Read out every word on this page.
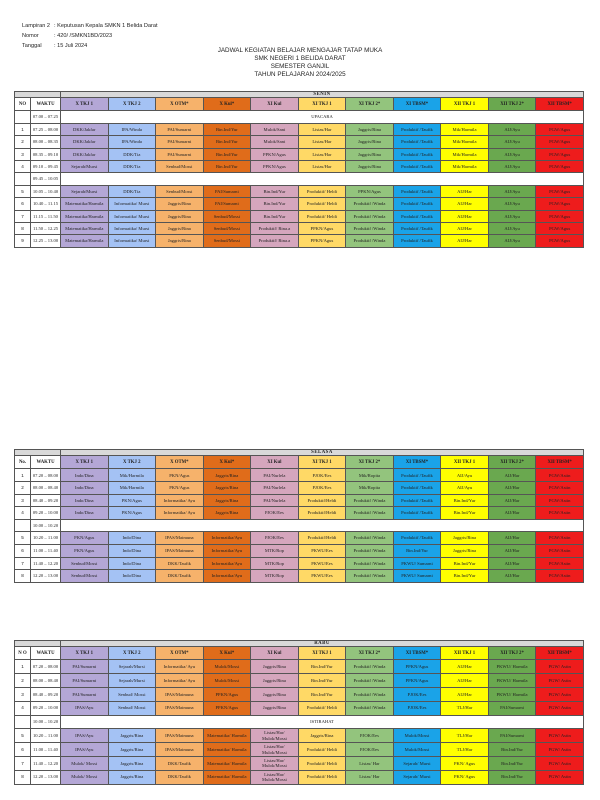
Lampiran 2	: Keputusan Kepala SMKN 1 Belida Darat
Nomor	: 420/ /SMKN1BD/2023
Tanggal	: 15 Juli 2024
JADWAL KEGIATAN BELAJAR MENGAJAR TATAP MUKA
SMK NEGERI 1 BELIDA DARAT
SEMESTER GANJIL
TAHUN PELAJARAN 2024/2025
		SENIN										
NO	WAKTU	X TKJ 1	X TKJ 2	X OTM*	X Kul*	XI Kul	XI TKJ 1	XI TKJ 2*	XI TBSM*	XII TKJ 1	XII TKJ 2*	XII TBSM*
	07.00 – 07.25	UPACARA										
1	07.25 – 08.00	DKK/Jakfar	IPA/Winda	PAI/Sumarni	Bin.Ind/Yur	Mulok/Sani	Listas/Har	Jaggris/Rina	Produktif /Taufik	Mtk/Harmila	AIJ/Ayu	PGW/Agus
2	08.00 – 08.35	DKK/Jakfar	IPA/Winda	PAI/Sumarni	Bin.Ind/Yur	Mulok/Sani	Listas/Har	Jaggris/Rina	Produktif /Taufik	Mtk/Harmila	AIJ/Ayu	PGW/Agus
3	08.35 – 09.10	DKK/Jakfar	DDK/Tia	PAI/Sumarni	Bin.Ind/Yur	PPKN/Agus	Listas/Har	Jaggris/Rina	Produktif /Taufik	Mtk/Harmila	AIJ/Ayu	PGW/Agus
4	09.10 – 09.45	Sejarah/Mursi	DDK/Tia	Senbud/Mossi	Bin.Ind/Yur	PPKN/Agus	Listas/Har	Jaggris/Rina	Produktif /Taufik	Mtk/Harmila	AIJ/Ayu	PGW/Agus
	09.45 – 10.05											
5	10.05 – 10.40	Sejarah/Mursi	DDK/Tia	Senbud/Mossi	PAI/Sumarni	Bin.Ind/Yur	Produktif/ Heldi	PPKN/Agus	Produktif /Taufik	AIJ/Har	AIJ/Ayu	PGW/Agus
6	10.40 – 11.15	Matematika/Harmila	Informatika/ Mursi	Jaggris/Rina	PAI/Sumarni	Bin.Ind/Yur	Produktif/ Heldi	Produktif /Winda	Produktif /Taufik	AIJ/Har	AIJ/Ayu	PGW/Agus
7	11.15 – 11.50	Matematika/Harmila	Informatika/ Mursi	Jaggris/Rina	Senbud/Mossi	Bin.Ind/Yur	Produktif/ Heldi	Produktif /Winda	Produktif /Taufik	AIJ/Har	AIJ/Ayu	PGW/Agus
8	11.50 – 12.25	Matematika/Harmila	Informatika/ Mursi	Jaggris/Rina	Senbud/Mossi	Produktif/ Rina.a	PPKN/Agus	Produktif /Winda	Produktif /Taufik	AIJ/Har	AIJ/Ayu	PGW/Agus
9	12.25 – 13.00	Matematika/Harmila	Informatika/ Mursi	Jaggris/Rina	Senbud/Mossi	Produktif/ Rina.a	PPKN/Agus	Produktif /Winda	Produktif /Taufik	AIJ/Har	AIJ/Ayu	PGW/Agus
		SELASA										
No.	WAKTU	X TKJ 1	X TKJ 2	X OTM*	X Kul*	XI Kul	XI TKJ 1	XI TKJ 2*	XI TBSM*	XII TKJ 1	XII TKJ 2*	XII TBSM*
1	07.20 – 08.00	Indo/Dina	Mtk/Harmila	PKN/Agus	Jaggris/Rina	PAI/Nurlela	PJOK/Ees	Mtk/Ropita	Produktif /Taufik	AIJ/Ayu	AIJ/Har	PGW/Astin
2	08.00 – 08.40	Indo/Dina	Mtk/Harmila	PKN/Agus	Jaggris/Rina	PAI/Nurlela	PJOK/Ees	Mtk/Ropita	Produktif /Taufik	AIJ/Ayu	AIJ/Har	PGW/Astin
3	08.40 – 09.20	Indo/Dina	PKN/Agus	Informatika/ Ayu	Jaggris/Rina	PAI/Nurlela	Produktif/Heldi	Produktif /Winda	Produktif /Taufik	Bin.Ind/Yur	AIJ/Har	PGW/Astin
4	09.20 – 10.00	Indo/Dina	PKN/Agus	Informatika/ Ayu	Jaggris/Rina	PJOK/Ees	Produktif/Heldi	Produktif /Winda	Produktif /Taufik	Bin.Ind/Yur	AIJ/Har	PGW/Astin
	10.00 – 10.20											
5	10.20 – 11.00	PKN/Agus	Indo/Dina	IPAS/Maimuna	Informatika/Ayu	PJOK/Ees	Produktif/Heldi	Produktif /Winda	Produktif /Taufik	Jaggris/Rina	AIJ/Har	PGW/Astin
6	11.00 – 11.40	PKN/Agus	Indo/Dina	IPAS/Maimuna	Informatika/Ayu	MTK/Rop	PKWU/Ees	Produktif /Winda	Bin.Ind/Yur	Jaggris/Rina	AIJ/Har	PGW/Astin
7	11.40 – 12.20	Senbud/Mossi	Indo/Dina	DKK/Taufik	Informatika/Ayu	MTK/Rop	PKWU/Ees	Produktif /Winda	PKWU/ Sumarni	Bin.Ind/Yur	AIJ/Har	PGW/Astin
8	12.20 – 13.00	Senbud/Mossi	Indo/Dina	DKK/Taufik	Informatika/Ayu	MTK/Rop	PKWU/Ees	Produktif /Winda	PKWU/ Sumarni	Bin.Ind/Yur	AIJ/Har	PGW/Astin
		RABU										
N O	WAKTU	X TKJ 1	X TKJ 2	X OTM*	X Kul*	XI Kul	XI TKJ 1	XI TKJ 2*	XI TBSM*	XII TKJ 1	XII TKJ 2*	XII TBSM*
1	07.20 – 08.00	PAI/Sumarni	Sejarah/Mursi	Informatika/ Ayu	Mulok/Mossi	Jaggris/Rina	Bin.Ind/Yur	Produktif /Winda	PPKN/Agus	AIJ/Har	PKWU/ Harmila	PGW/ Astin
2	08.00 – 08.40	PAI/Sumarni	Sejarah/Mursi	Informatika/ Ayu	Mulok/Mossi	Jaggris/Rina	Bin.Ind/Yur	Produktif /Winda	PPKN/Agus	AIJ/Har	PKWU/ Harmila	PGW/ Astin
3	08.40 – 09.20	PAI/Sumarni	Senbud/ Mossi	IPAS/Maimuna	PPKN/Agus	Jaggris/Rina	Bin.Ind/Yur	Produktif /Winda	PJOK/Ees	AIJ/Har	PKWU/ Harmila	PGW/ Astin
4	09.20 – 10.00	IPAS/Ayu	Senbud/ Mossi	IPAS/Maimuna	PPKN/Agus	Jaggris/Rina	Produktif/ Heldi	Produktif /Winda	PJOK/Ees	TLJ/Har	PAI/Sumarni	PGW/ Astin
	10.00 – 10.20	ISTIRAHAT										
5	10.20 – 11.00	IPAS/Ayu	Jaggris/Rina	IPAS/Maimuna	Matematika/ Harmila	Listas/Har/ Mulok/Mossi	Jaggris/Rina	PJOK/Ees	Mulok/Mossi	TLJ/Har	PAI/Sumarni	PGW/ Astin
6	11.00 – 11.40	IPAS/Ayu	Jaggris/Rina	IPAS/Maimuna	Matematika/ Harmila	Listas/Har/ Mulok/Mossi	Produktif/ Heldi	PJOK/Ees	Mulok/Mossi	TLJ/Har	Bin.Ind/Yur	PGW/ Astin
7	11.40 – 12.20	Mulok/ Mossi	Jaggris/Rina	DKK/Taufik	Matematika/ Harmila	Listas/Har/ Mulok/Mossi	Produktif/ Heldi	Listas/ Har	Sejarah/ Mursi	PKN/ Agus	Bin.Ind/Yur	PGW/ Astin
8	12.20 – 13.00	Mulok/ Mossi	Jaggris/Rina	DKK/Taufik	Matematika/ Harmila	Listas/Har/ Mulok/Mossi	Produktif/ Heldi	Listas/ Har	Sejarah/ Mursi	PKN/ Agus	Bin.Ind/Yur	PGW/ Astin
